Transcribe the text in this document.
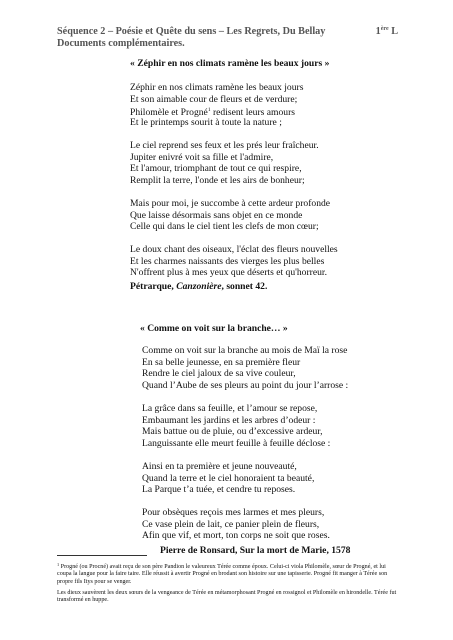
Séquence 2 – Poésie et Quête du sens – Les Regrets, Du Bellay
Documents complémentaires.
1ère L
« Zéphir en nos climats ramène les beaux jours »
Zéphir en nos climats ramène les beaux jours
Et son aimable cour de fleurs et de verdure;
Philomèle et Progné$^1$ redisent leurs amours
Et le printemps sourit à toute la nature ;
Le ciel reprend ses feux et les prés leur fraîcheur.
Jupiter enivré voit sa fille et l'admire,
Et l'amour, triomphant de tout ce qui respire,
Remplit la terre, l'onde et les airs de bonheur;
Mais pour moi, je succombe à cette ardeur profonde
Que laisse désormais sans objet en ce monde
Celle qui dans le ciel tient les clefs de mon cœur;
Le doux chant des oiseaux, l'éclat des fleurs nouvelles
Et les charmes naissants des vierges les plus belles
N'offrent plus à mes yeux que déserts et qu'horreur.
Pétrarque, Canzonière, sonnet 42.
« Comme on voit sur la branche… »
Comme on voit sur la branche au mois de Maï la rose
En sa belle jeunesse, en sa première fleur
Rendre le ciel jaloux de sa vive couleur,
Quand l’Aube de ses pleurs au point du jour l’arrose :
La grâce dans sa feuille, et l’amour se repose,
Embaumant les jardins et les arbres d’odeur :
Mais battue ou de pluie, ou d’excessive ardeur,
Languissante elle meurt feuille à feuille déclose :
Ainsi en ta première et jeune nouveauté,
Quand la terre et le ciel honoraient ta beauté,
La Parque t’a tuée, et cendre tu reposes.
Pour obsèques reçois mes larmes et mes pleurs,
Ce vase plein de lait, ce panier plein de fleurs,
Afin que vif, et mort, ton corps ne soit que roses.
Pierre de Ronsard, Sur la mort de Marie, 1578
$^1$ Progné (ou Procné) avait reçu de son père Pandion le valeureux Térée comme époux. Celui-ci viola Philomèle, sœur de Progné, et lui coupa la langue pour la faire taire. Elle réussit à avertir Progné en brodant son histoire sur une tapisserie. Progné fit manger à Térée son propre fils Itys pour se venger.
Les dieux sauvèrent les deux sœurs de la vengeance de Térée en métamorphosant Progné en rossignol et Philomèle en hirondelle. Térée fut transformé en huppe.
